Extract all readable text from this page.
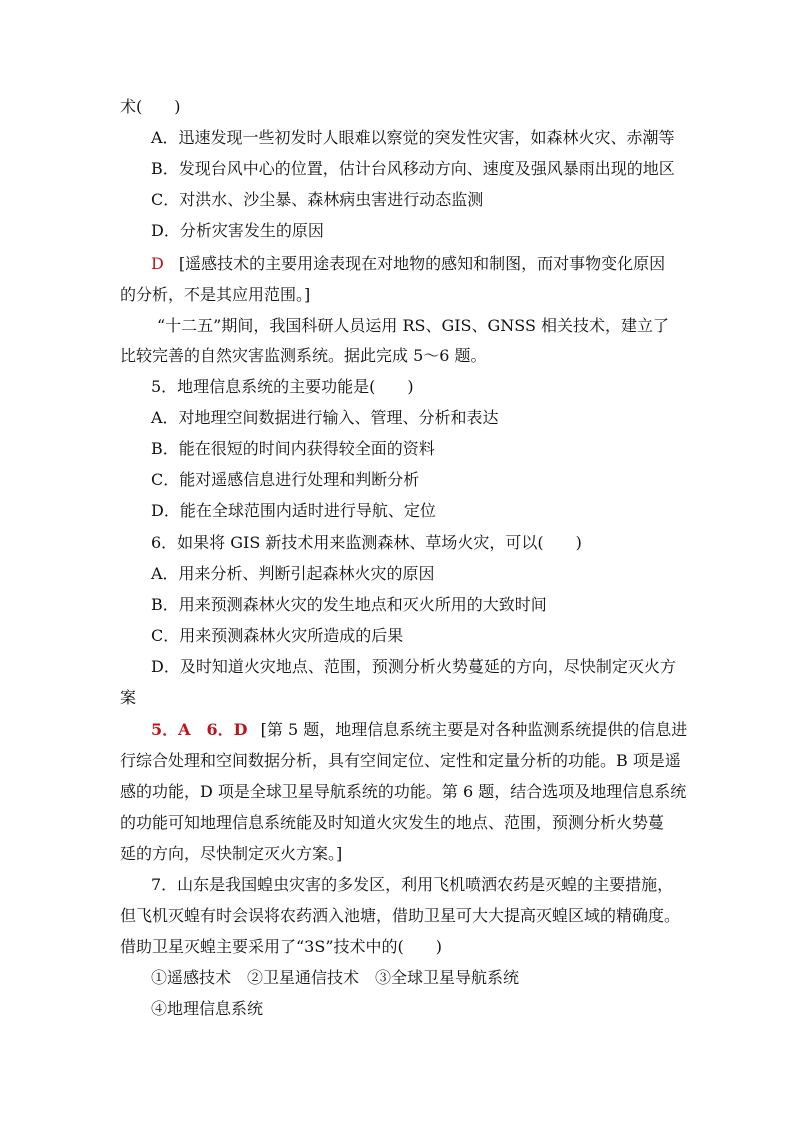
术(　　)
A．迅速发现一些初发时人眼难以察觉的突发性灾害，如森林火灾、赤潮等
B．发现台风中心的位置，估计台风移动方向、速度及强风暴雨出现的地区
C．对洪水、沙尘暴、森林病虫害进行动态监测
D．分析灾害发生的原因
D [遥感技术的主要用途表现在对地物的感知和制图，而对事物变化原因
的分析，不是其应用范围。]
“十二五”期间，我国科研人员运用 RS、GIS、GNSS 相关技术，建立了
比较完善的自然灾害监测系统。据此完成 5～6 题。
5．地理信息系统的主要功能是(　　)
A．对地理空间数据进行输入、管理、分析和表达
B．能在很短的时间内获得较全面的资料
C．能对遥感信息进行处理和判断分析
D．能在全球范围内适时进行导航、定位
6．如果将 GIS 新技术用来监测森林、草场火灾，可以(　　)
A．用来分析、判断引起森林火灾的原因
B．用来预测森林火灾的发生地点和灭火所用的大致时间
C．用来预测森林火灾所造成的后果
D．及时知道火灾地点、范围，预测分析火势蔓延的方向，尽快制定灭火方
案
5．A　6．D [第 5 题，地理信息系统主要是对各种监测系统提供的信息进
行综合处理和空间数据分析，具有空间定位、定性和定量分析的功能。B 项是遥
感的功能，D 项是全球卫星导航系统的功能。第 6 题，结合选项及地理信息系统
的功能可知地理信息系统能及时知道火灾发生的地点、范围，预测分析火势蔓
延的方向，尽快制定灭火方案。]
7．山东是我国蝗虫灾害的多发区，利用飞机喷洒农药是灭蝗的主要措施，
但飞机灭蝗有时会误将农药洒入池塘，借助卫星可大大提高灭蝗区域的精确度。
借助卫星灭蝗主要采用了“3S”技术中的(　　)
①遥感技术　②卫星通信技术　③全球卫星导航系统
④地理信息系统
